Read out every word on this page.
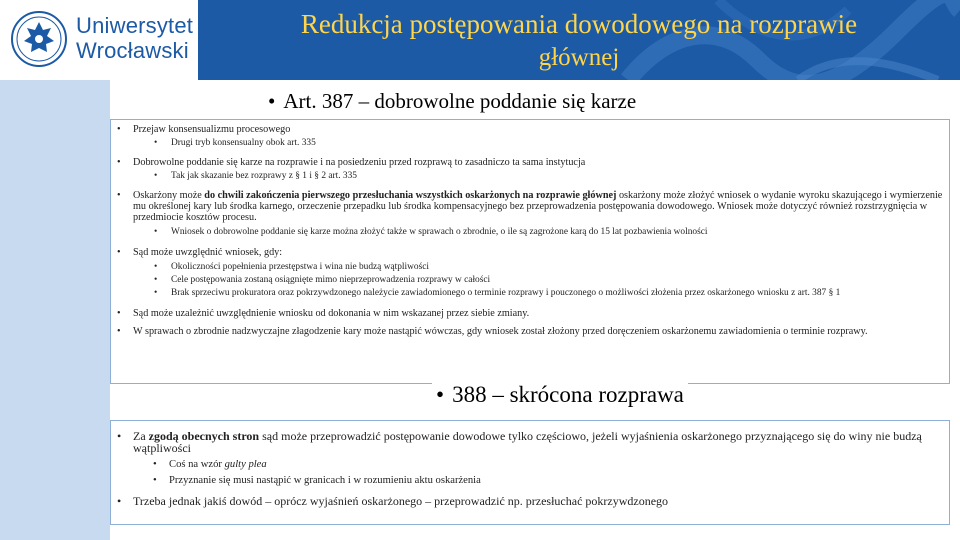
Uniwersytet
Wrocławski
Redukcja postępowania dowodowego na rozprawie
głównej
• Art. 387 – dobrowolne poddanie się karze
• Przejaw konsensualizmu procesowego
• Drugi tryb konsensualny obok art. 335
• Dobrowolne poddanie się karze na rozprawie i na posiedzeniu przed rozprawą to zasadniczo ta sama instytucja
• Tak jak skazanie bez rozprawy z § 1 i § 2 art. 335
• Oskarżony może do chwili zakończenia pierwszego przesłuchania wszystkich oskarżonych na rozprawie głównej oskarżony może złożyć wniosek o wydanie wyroku skazującego i wymierzenie mu określonej kary lub środka karnego, orzeczenie przepadku lub środka kompensacyjnego bez przeprowadzenia postępowania dowodowego. Wniosek może dotyczyć również rozstrzygnięcia w przedmiocie kosztów procesu.
• Wniosek o dobrowolne poddanie się karze można złożyć także w sprawach o zbrodnie, o ile są zagrożone karą do 15 lat pozbawienia wolności
• Sąd może uwzględnić wniosek, gdy:
• Okoliczności popełnienia przestępstwa i wina nie budzą wątpliwości
• Cele postępowania zostaną osiągnięte mimo nieprzeprowadzenia rozprawy w całości
• Brak sprzeciwu prokuratora oraz pokrzywdzonego należycie zawiadomionego o terminie rozprawy i pouczonego o możliwości złożenia przez oskarżonego wniosku z art. 387 § 1
• Sąd może uzależnić uwzględnienie wniosku od dokonania w nim wskazanej przez siebie zmiany.
• W sprawach o zbrodnie nadzwyczajne złagodzenie kary może nastąpić wówczas, gdy wniosek został złożony przed doręczeniem oskarżonemu zawiadomienia o terminie rozprawy.
• 388 – skrócona rozprawa
• Za zgodą obecnych stron sąd może przeprowadzić postępowanie dowodowe tylko częściowo, jeżeli wyjaśnienia oskarżonego przyznającego się do winy nie budzą wątpliwości
• Coś na wzór gulty plea
• Przyznanie się musi nastąpić w granicach i w rozumieniu aktu oskarżenia
• Trzeba jednak jakiś dowód – oprócz wyjaśnień oskarżonego – przeprowadzić np. przesłuchać pokrzywdzonego
